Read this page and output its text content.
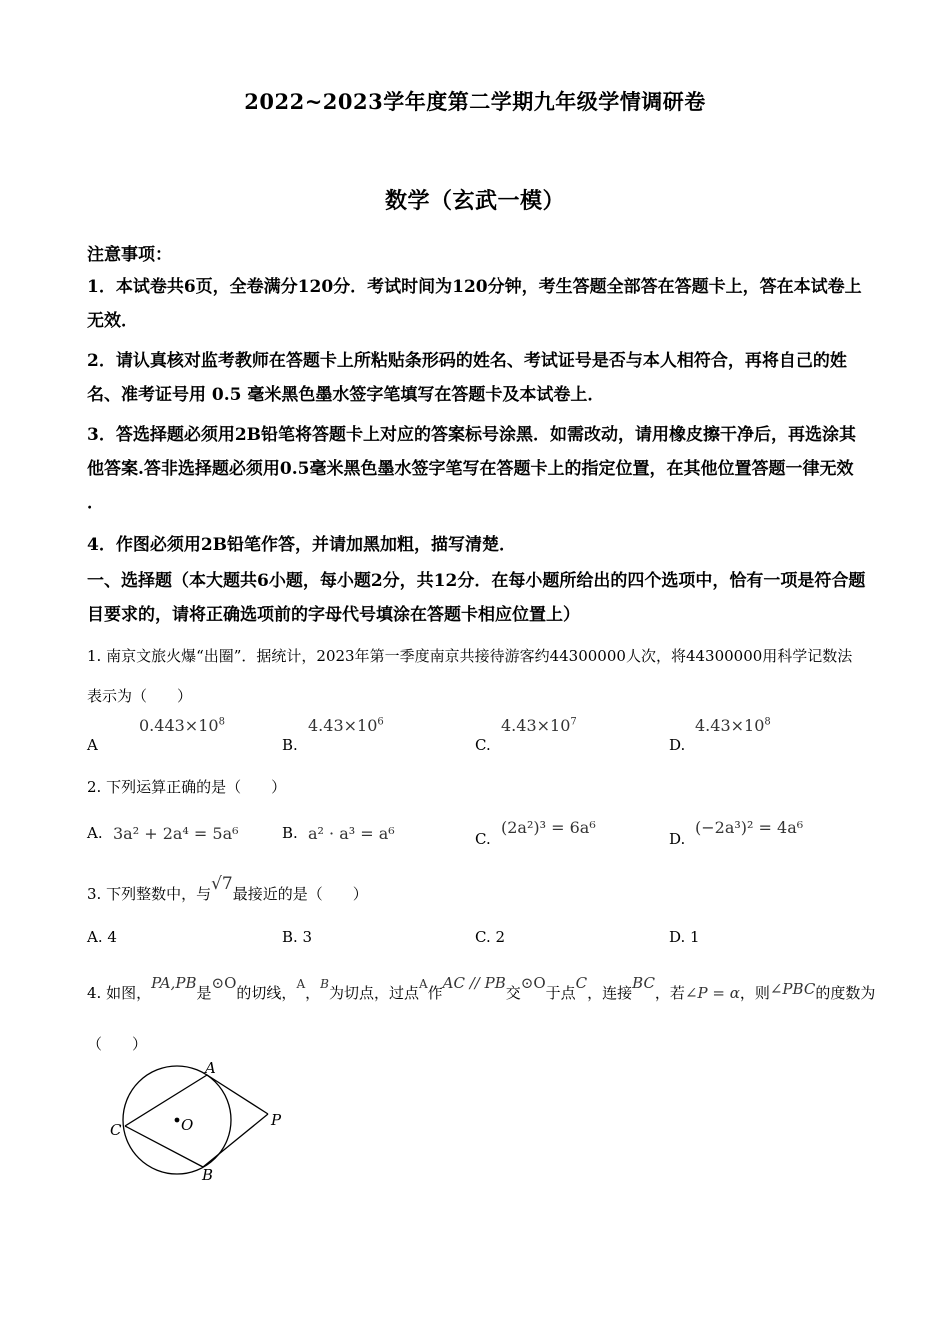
2022~2023学年度第二学期九年级学情调研卷
数学（玄武一模）
注意事项：
1．本试卷共6页，全卷满分120分．考试时间为120分钟，考生答题全部答在答题卡上，答在本试卷上无效．
2．请认真核对监考教师在答题卡上所粘贴条形码的姓名、考试证号是否与本人相符合，再将自己的姓名、准考证号用 0.5 毫米黑色墨水签字笔填写在答题卡及本试卷上．
3．答选择题必须用2B铅笔将答题卡上对应的答案标号涂黑．如需改动，请用橡皮擦干净后，再选涂其他答案.答非选择题必须用0.5毫米黑色墨水签字笔写在答题卡上的指定位置，在其他位置答题一律无效 ．
4．作图必须用2B铅笔作答，并请加黑加粗，描写清楚．
一、选择题（本大题共6小题，每小题2分，共12分．在每小题所给出的四个选项中，恰有一项是符合题目要求的，请将正确选项前的字母代号填涂在答题卡相应位置上）
1. 南京文旅火爆“出圈”．据统计，2023年第一季度南京共接待游客约44300000人次，将44300000用科学记数法表示为（　　）
A
$0.443\times 10^8$
B.
$4.43\times 10^6$
C.
$4.43\times 10^7$
D.
$4.43\times 10^8$
2. 下列运算正确的是（　　）
A. 3a² + 2a⁴ = 5a⁶	B. a² · a³ = a⁶	C.
(2a²)³ = 6a⁶
D.
(−2a³)² = 4a⁶
3. 下列整数中，与√7最接近的是（　　）
A. 4	B. 3	C. 2	D. 1
4. 如图，PA,PB是⊙O的切线，$^A$，$^B$为切点，过点$^A$作AC // PB交⊙O于点C，连接BC，若∠P = α，则∠PBC的度数为（　　）
A
B
C	O	P
